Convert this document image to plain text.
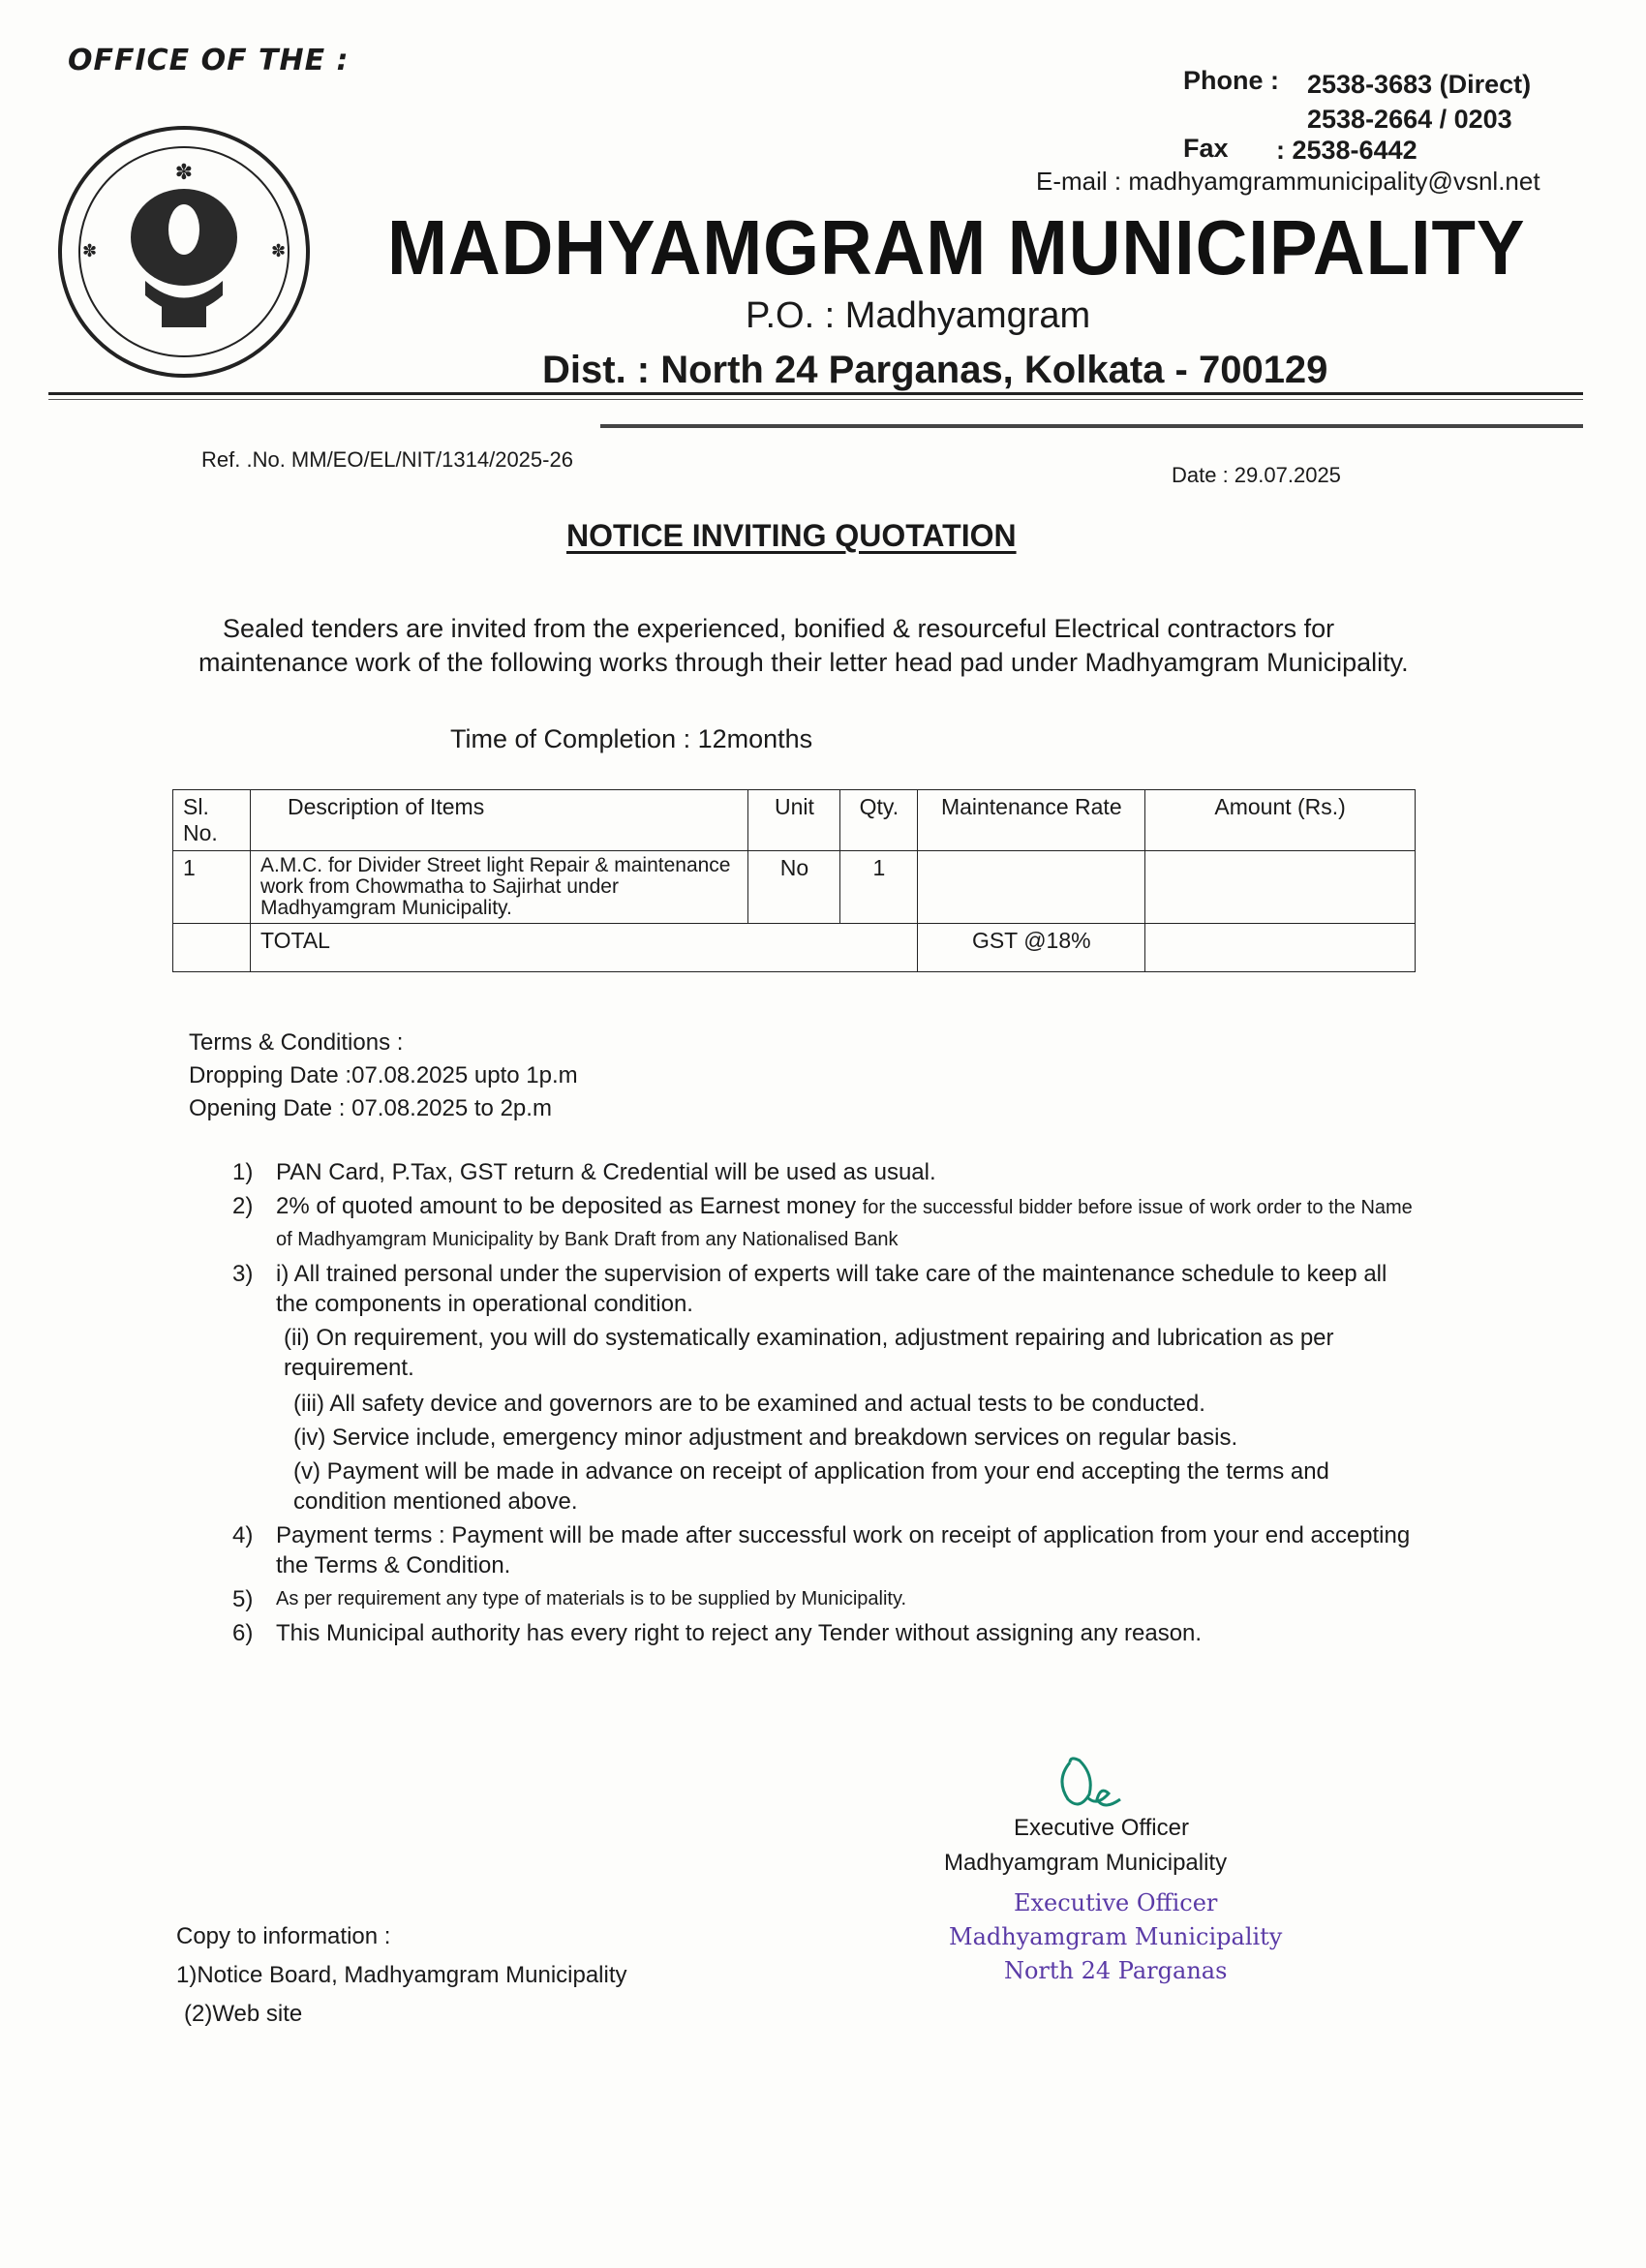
OFFICE OF THE :
✽
✽	✽
Phone : 2538-3683 (Direct)
2538-2664 / 0203
Fax : 2538-6442
E-mail : madhyamgrammunicipality@vsnl.net
MADHYAMGRAM MUNICIPALITY
P.O. : Madhyamgram
Dist. : North 24 Parganas, Kolkata - 700129
Ref. .No. MM/EO/EL/NIT/1314/2025-26
Date : 29.07.2025
NOTICE INVITING QUOTATION

Sealed tenders are invited from the experienced, bonified & resourceful Electrical contractors for maintenance work of the following works through their letter head pad under Madhyamgram Municipality.

Time of Completion : 12months
Sl. No.	Description of Items	Unit	Qty.	Maintenance Rate	Amount (Rs.)
1	A.M.C. for Divider Street light Repair & maintenance work from Chowmatha to Sajirhat under Madhyamgram Municipality.	No	1		
	TOTAL			GST @18%	
Terms & Conditions :
Dropping Date :07.08.2025 upto 1p.m
Opening Date : 07.08.2025 to 2p.m
1) PAN Card, P.Tax, GST return & Credential will be used as usual.
2) 2% of quoted amount to be deposited as Earnest money for the successful bidder before issue of work order to the Name of Madhyamgram Municipality by Bank Draft from any Nationalised Bank
3) i) All trained personal under the supervision of experts will take care of the maintenance schedule to keep all the components in operational condition.
(ii) On requirement, you will do systematically examination, adjustment repairing and lubrication as per requirement.
(iii) All safety device and governors are to be examined and actual tests to be conducted.
(iv) Service include, emergency minor adjustment and breakdown services on regular basis.
(v) Payment will be made in advance on receipt of application from your end accepting the terms and condition mentioned above.
4) Payment terms : Payment will be made after successful work on receipt of application from your end accepting the Terms & Condition.
5)	As per requirement any type of materials is to be supplied by Municipality.
6) This Municipal authority has every right to reject any Tender without assigning any reason.
Executive Officer
Madhyamgram Municipality
Executive Officer
Madhyamgram Municipality
North 24 Parganas
Copy to information :
1)Notice Board, Madhyamgram Municipality
(2)Web site
